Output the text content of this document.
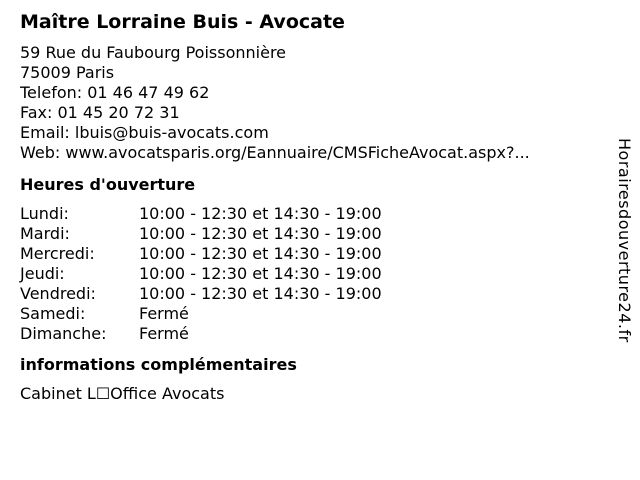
Maître Lorraine Buis - Avocate
59 Rue du Faubourg Poissonnière
75009 Paris
Telefon: 01 46 47 49 62
Fax: 01 45 20 72 31
Email: lbuis@buis-avocats.com
Web: www.avocatsparis.org/Eannuaire/CMSFicheAvocat.aspx?...
Heures d'ouverture
Lundi:	10:00 - 12:30 et 14:30 - 19:00
Mardi:	10:00 - 12:30 et 14:30 - 19:00
Mercredi:	10:00 - 12:30 et 14:30 - 19:00
Jeudi:	10:00 - 12:30 et 14:30 - 19:00
Vendredi:	10:00 - 12:30 et 14:30 - 19:00
Samedi:	Fermé
Dimanche:	Fermé
informations complémentaires
Cabinet L☐Office Avocats
Horairesdouverture24.fr
